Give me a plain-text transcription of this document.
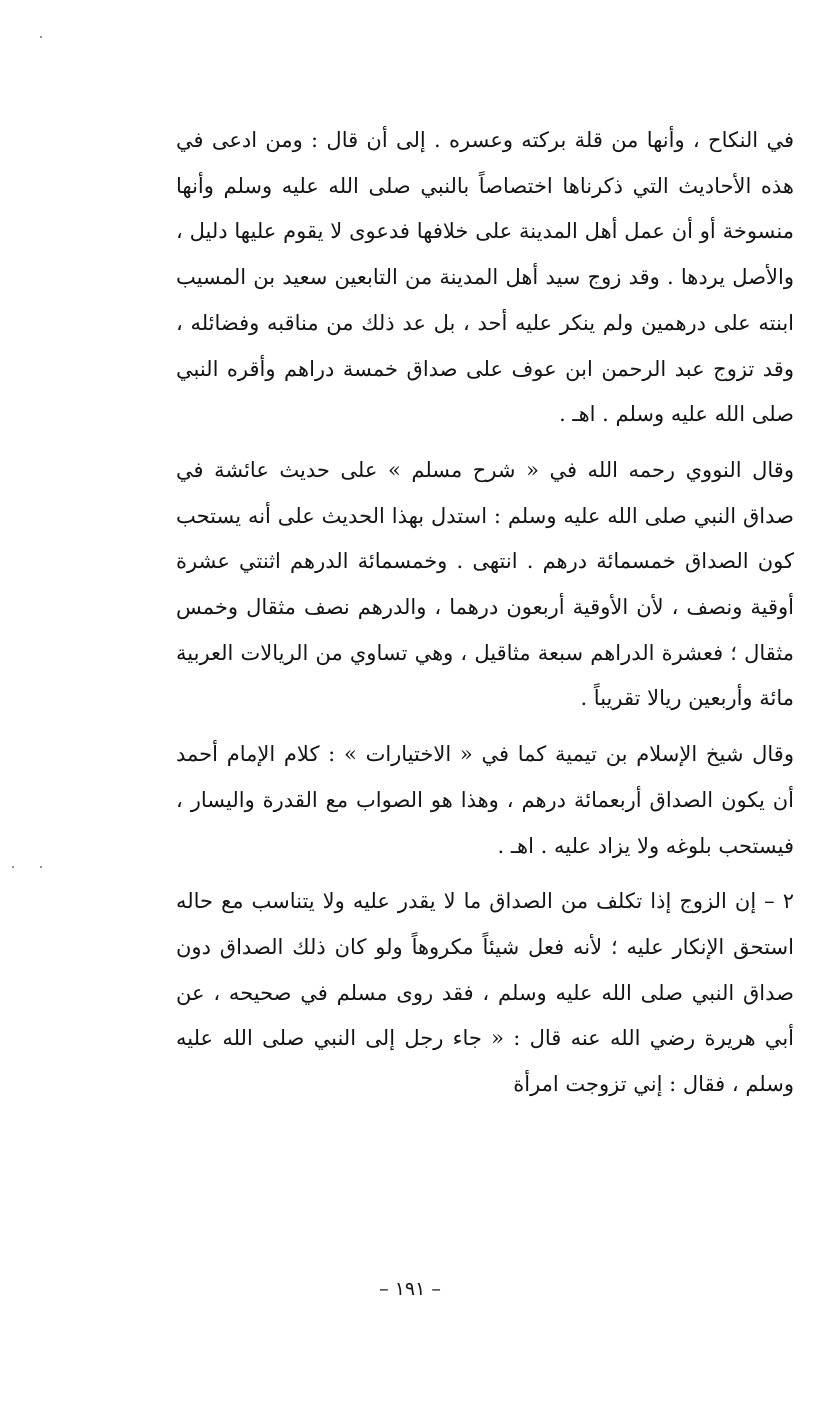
في النكاح ، وأنها من قلة بركته وعسره . إلى أن قال : ومن ادعى في هذه الأحاديث التي ذكرناها اختصاصاً بالنبي صلى الله عليه وسلم وأنها منسوخة أو أن عمل أهل المدينة على خلافها فدعوى لا يقوم عليها دليل ، والأصل يردها . وقد زوج سيد أهل المدينة من التابعين سعيد بن المسيب ابنته على درهمين ولم ينكر عليه أحد ، بل عد ذلك من مناقبه وفضائله ، وقد تزوج عبد الرحمن ابن عوف على صداق خمسة دراهم وأقره النبي صلى الله عليه وسلم . اهـ .

وقال النووي رحمه الله في « شرح مسلم » على حديث عائشة في صداق النبي صلى الله عليه وسلم : استدل بهذا الحديث على أنه يستحب كون الصداق خمسمائة درهم . انتهى . وخمسمائة الدرهم اثنتي عشرة أوقية ونصف ، لأن الأوقية أربعون درهما ، والدرهم نصف مثقال وخمس مثقال ؛ فعشرة الدراهم سبعة مثاقيل ، وهي تساوي من الريالات العربية مائة وأربعين ريالا تقريباً .

وقال شيخ الإسلام بن تيمية كما في « الاختيارات » : كلام الإمام أحمد أن يكون الصداق أربعمائة درهم ، وهذا هو الصواب مع القدرة واليسار ، فيستحب بلوغه ولا يزاد عليه . اهـ .

٢ – إن الزوج إذا تكلف من الصداق ما لا يقدر عليه ولا يتناسب مع حاله استحق الإنكار عليه ؛ لأنه فعل شيئاً مكروهاً ولو كان ذلك الصداق دون صداق النبي صلى الله عليه وسلم ، فقد روى مسلم في صحيحه ، عن أبي هريرة رضي الله عنه قال : « جاء رجل إلى النبي صلى الله عليه وسلم ، فقال : إني تزوجت امرأة

– ١٩١ –
